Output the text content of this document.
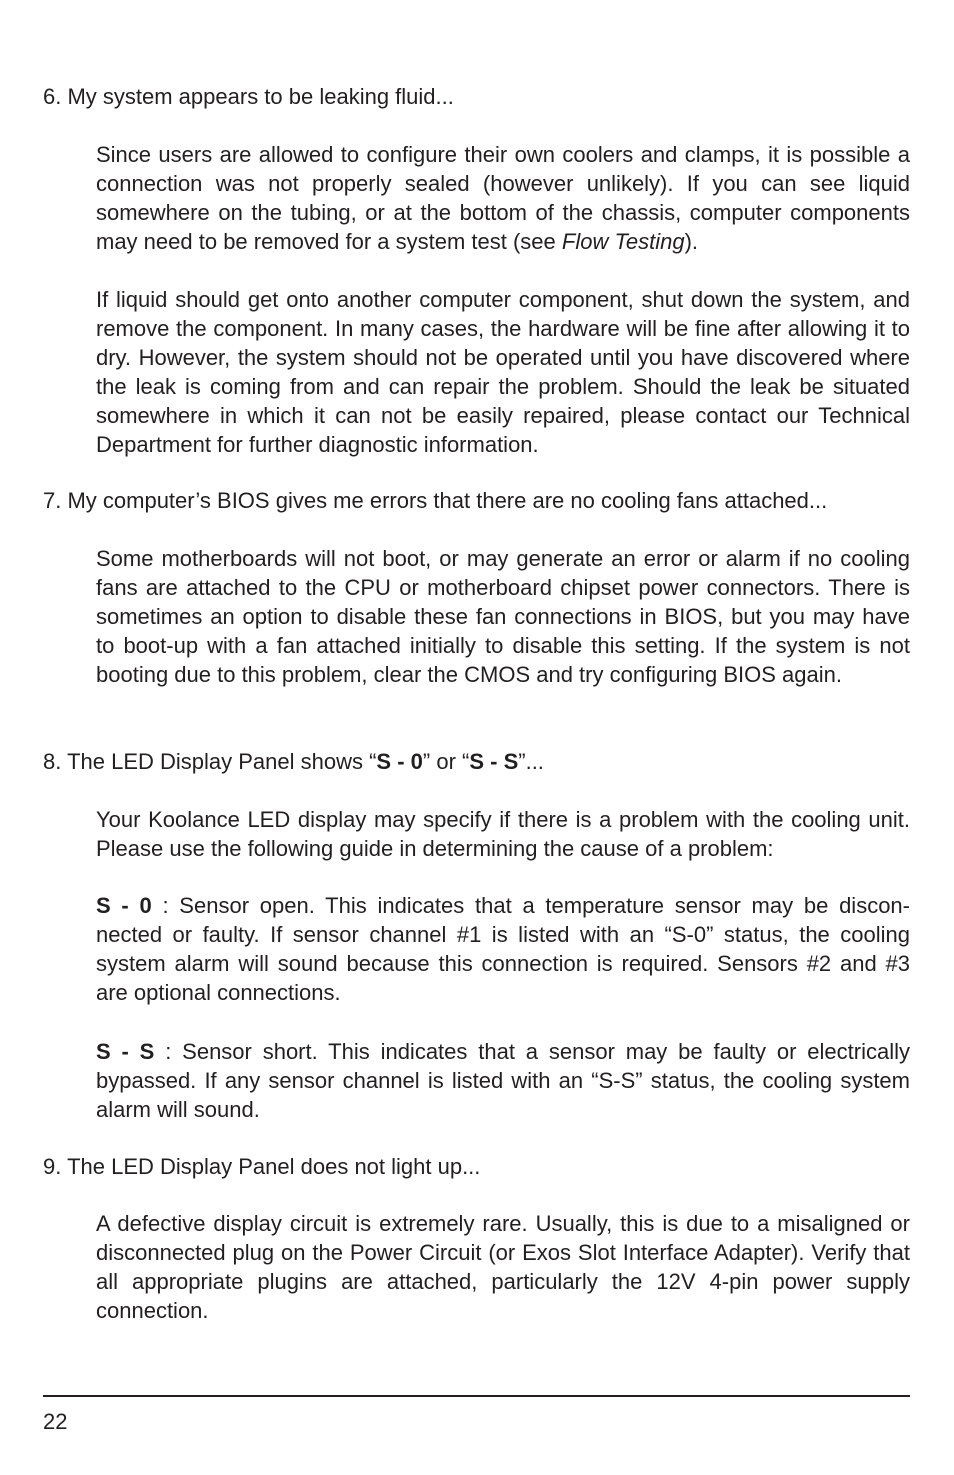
6. My system appears to be leaking fluid...

Since users are allowed to configure their own coolers and clamps, it is possible a connection was not properly sealed (however unlikely). If you can see liquid somewhere on the tubing, or at the bottom of the chassis, computer components may need to be removed for a system test (see Flow Testing).

If liquid should get onto another computer component, shut down the system, and remove the component. In many cases, the hardware will be fine after allowing it to dry. However, the system should not be operated until you have discovered where the leak is coming from and can repair the problem. Should the leak be situated somewhere in which it can not be easily repaired, please contact our Technical Department for further diagnostic information.

7. My computer’s BIOS gives me errors that there are no cooling fans attached...

Some motherboards will not boot, or may generate an error or alarm if no cooling fans are attached to the CPU or motherboard chipset power connectors. There is sometimes an option to disable these fan connections in BIOS, but you may have to boot-up with a fan attached initially to disable this setting. If the system is not booting due to this problem, clear the CMOS and try configuring BIOS again.

8. The LED Display Panel shows “S - 0” or “S - S”...

Your Koolance LED display may specify if there is a problem with the cooling unit. Please use the following guide in determining the cause of a problem:

S - 0 : Sensor open. This indicates that a temperature sensor may be discon-nected or faulty. If sensor channel #1 is listed with an “S-0” status, the cooling system alarm will sound because this connection is required. Sensors #2 and #3 are optional connections.

S - S : Sensor short. This indicates that a sensor may be faulty or electrically bypassed. If any sensor channel is listed with an “S-S” status, the cooling system alarm will sound.

9. The LED Display Panel does not light up...

A defective display circuit is extremely rare. Usually, this is due to a misaligned or disconnected plug on the Power Circuit (or Exos Slot Interface Adapter). Verify that all appropriate plugins are attached, particularly the 12V 4-pin power supply connection.

22
